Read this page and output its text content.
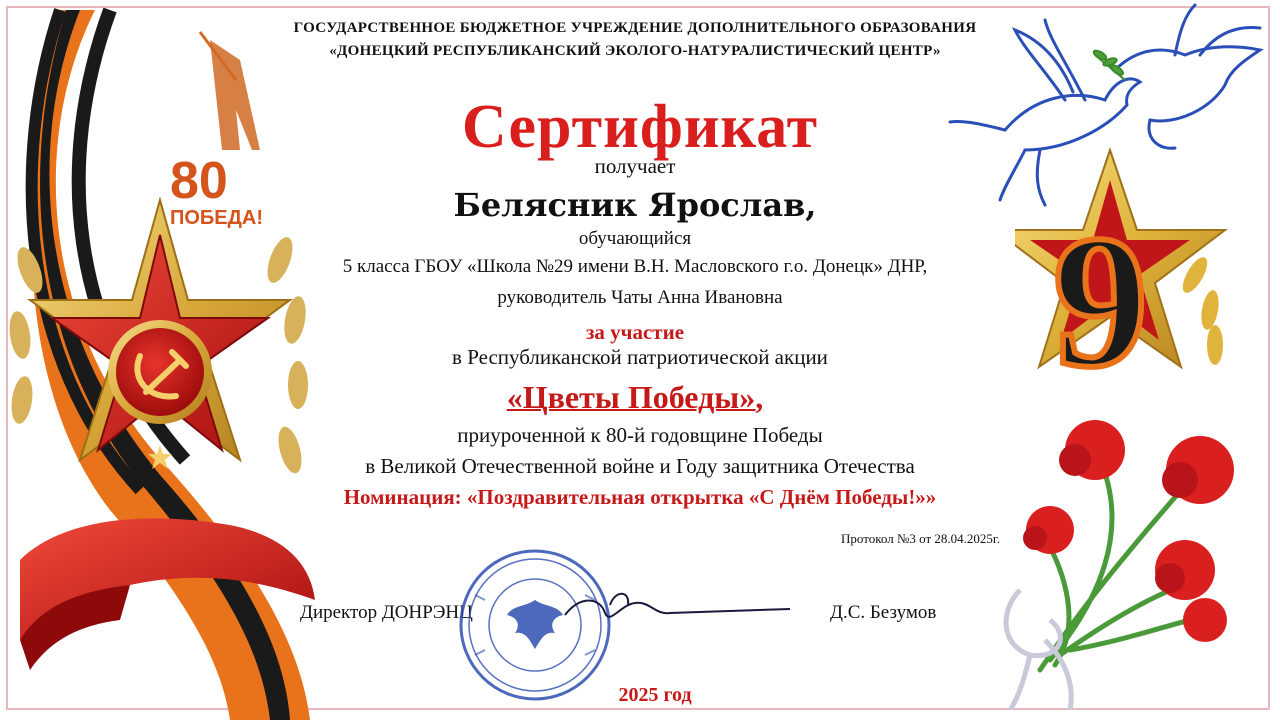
80
ПОБЕДА!	9
ГОСУДАРСТВЕННОЕ БЮДЖЕТНОЕ УЧРЕЖДЕНИЕ ДОПОЛНИТЕЛЬНОГО ОБРАЗОВАНИЯ
«ДОНЕЦКИЙ РЕСПУБЛИКАНСКИЙ ЭКОЛОГО-НАТУРАЛИСТИЧЕСКИЙ ЦЕНТР»
Сертификат
получает
Белясник Ярослав,
обучающийся
5 класса ГБОУ «Школа №29 имени В.Н. Масловского г.о. Донецк» ДНР,
руководитель Чаты Анна Ивановна
за участие
в Республиканской патриотической акции
«Цветы Победы»,
приуроченной к 80-й годовщине Победы
в Великой Отечественной войне и Году защитника Отечества
Номинация: «Поздравительная открытка «С Днём Победы!»»
Протокол №3 от 28.04.2025г.
Директор ДОНРЭНЦ	Д.С. Безумов
2025 год
